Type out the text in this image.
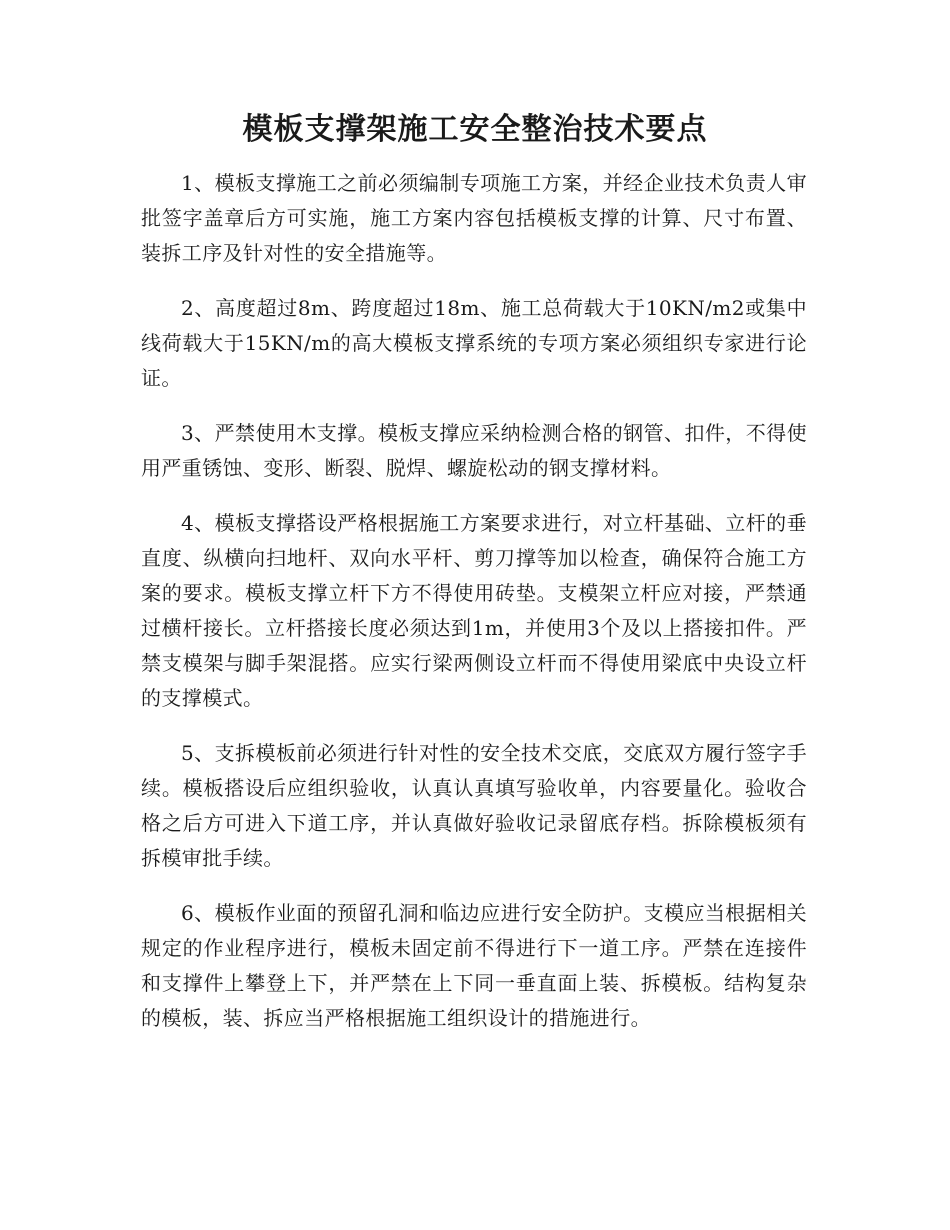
模板支撑架施工安全整治技术要点

1、模板支撑施工之前必须编制专项施工方案，并经企业技术负责人审批签字盖章后方可实施，施工方案内容包括模板支撑的计算、尺寸布置、装拆工序及针对性的安全措施等。

2、高度超过8m、跨度超过18m、施工总荷载大于10KN/m2或集中线荷载大于15KN/m的高大模板支撑系统的专项方案必须组织专家进行论证。

3、严禁使用木支撑。模板支撑应采纳检测合格的钢管、扣件，不得使用严重锈蚀、变形、断裂、脱焊、螺旋松动的钢支撑材料。

4、模板支撑搭设严格根据施工方案要求进行，对立杆基础、立杆的垂直度、纵横向扫地杆、双向水平杆、剪刀撑等加以检查，确保符合施工方案的要求。模板支撑立杆下方不得使用砖垫。支模架立杆应对接，严禁通过横杆接长。立杆搭接长度必须达到1m，并使用3个及以上搭接扣件。严禁支模架与脚手架混搭。应实行梁两侧设立杆而不得使用梁底中央设立杆的支撑模式。

5、支拆模板前必须进行针对性的安全技术交底，交底双方履行签字手续。模板搭设后应组织验收，认真认真填写验收单，内容要量化。验收合格之后方可进入下道工序，并认真做好验收记录留底存档。拆除模板须有拆模审批手续。

6、模板作业面的预留孔洞和临边应进行安全防护。支模应当根据相关规定的作业程序进行，模板未固定前不得进行下一道工序。严禁在连接件和支撑件上攀登上下，并严禁在上下同一垂直面上装、拆模板。结构复杂的模板，装、拆应当严格根据施工组织设计的措施进行。
